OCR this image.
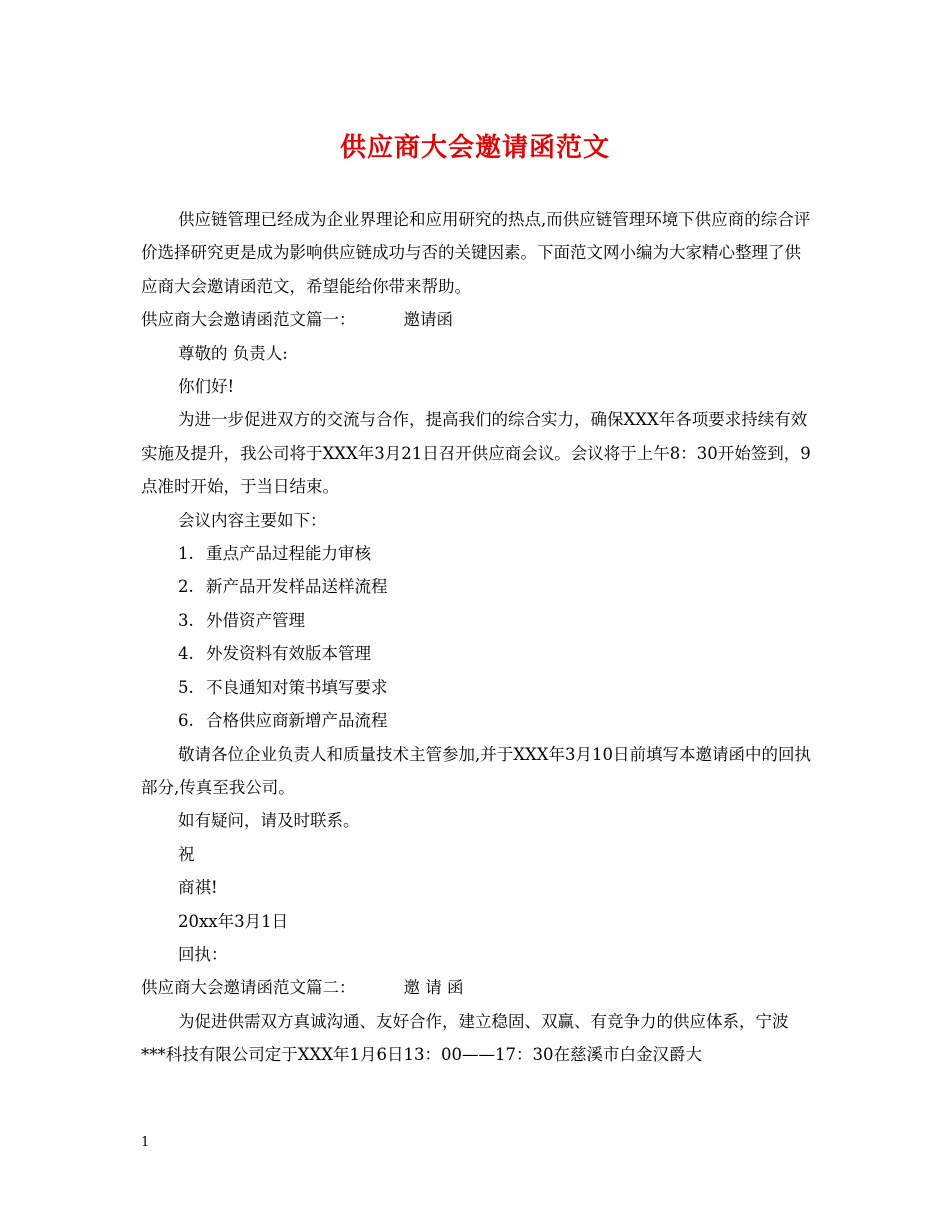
供应商大会邀请函范文

供应链管理已经成为企业界理论和应用研究的热点,而供应链管理环境下供应商的综合评价选择研究更是成为影响供应链成功与否的关键因素。下面范文网小编为大家精心整理了供应商大会邀请函范文，希望能给你带来帮助。

供应商大会邀请函范文篇一：	邀请函

尊敬的 负责人:

你们好!

为进一步促进双方的交流与合作，提高我们的综合实力，确保XXX年各项要求持续有效实施及提升，我公司将于XXX年3月21日召开供应商会议。会议将于上午8：30开始签到，9点准时开始，于当日结束。

会议内容主要如下：

1. 重点产品过程能力审核

2. 新产品开发样品送样流程

3. 外借资产管理

4. 外发资料有效版本管理

5. 不良通知对策书填写要求

6. 合格供应商新增产品流程

敬请各位企业负责人和质量技术主管参加,并于XXX年3月10日前填写本邀请函中的回执部分,传真至我公司。

如有疑问，请及时联系。

祝

商祺!

20xx年3月1日

回执：

供应商大会邀请函范文篇二：	邀 请 函

为促进供需双方真诚沟通、友好合作，建立稳固、双赢、有竞争力的供应体系，宁波***科技有限公司定于XXX年1月6日13：00——17：30在慈溪市白金汉爵大

1
